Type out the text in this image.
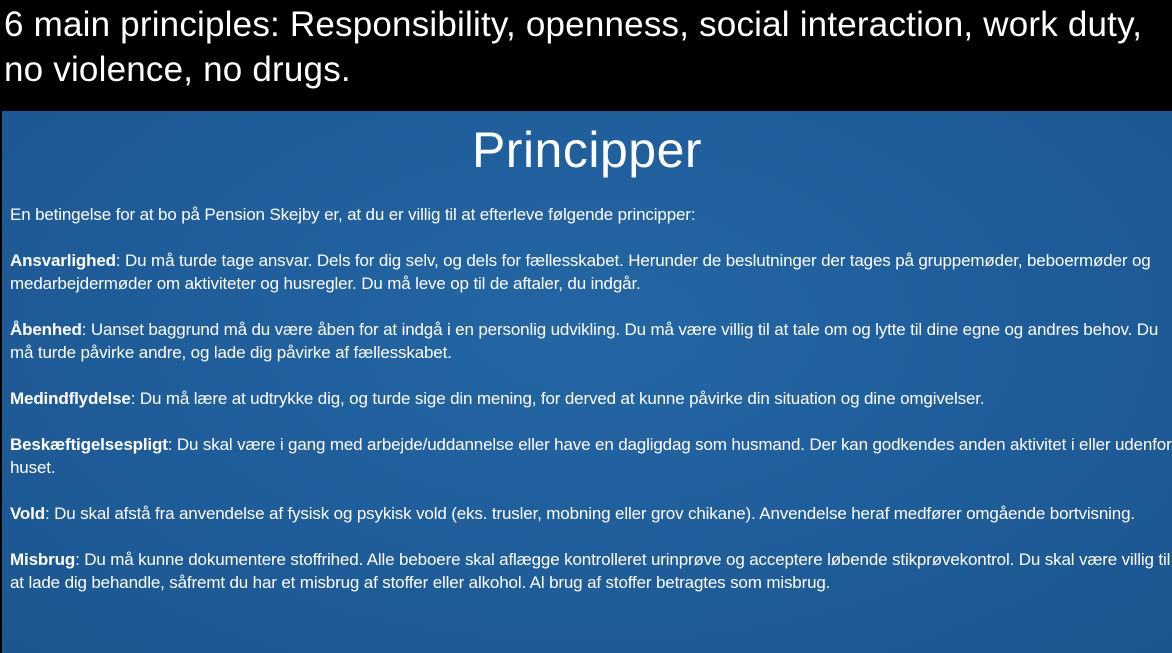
6 main principles: Responsibility, openness, social interaction, work duty, no violence, no drugs.
Principper

En betingelse for at bo på Pension Skejby er, at du er villig til at efterleve følgende principper:

Ansvarlighed: Du må turde tage ansvar. Dels for dig selv, og dels for fællesskabet. Herunder de beslutninger der tages på gruppemøder, beboermøder og medarbejdermøder om aktiviteter og husregler. Du må leve op til de aftaler, du indgår.

Åbenhed: Uanset baggrund må du være åben for at indgå i en personlig udvikling. Du må være villig til at tale om og lytte til dine egne og andres behov. Du må turde påvirke andre, og lade dig påvirke af fællesskabet.

Medindflydelse: Du må lære at udtrykke dig, og turde sige din mening, for derved at kunne påvirke din situation og dine omgivelser.

Beskæftigelsespligt: Du skal være i gang med arbejde/uddannelse eller have en dagligdag som husmand. Der kan godkendes anden aktivitet i eller udenfor huset.

Vold: Du skal afstå fra anvendelse af fysisk og psykisk vold (eks. trusler, mobning eller grov chikane). Anvendelse heraf medfører omgående bortvisning.

Misbrug: Du må kunne dokumentere stoffrihed. Alle beboere skal aflægge kontrolleret urinprøve og acceptere løbende stikprøvekontrol. Du skal være villig til at lade dig behandle, såfremt du har et misbrug af stoffer eller alkohol. Al brug af stoffer betragtes som misbrug.
